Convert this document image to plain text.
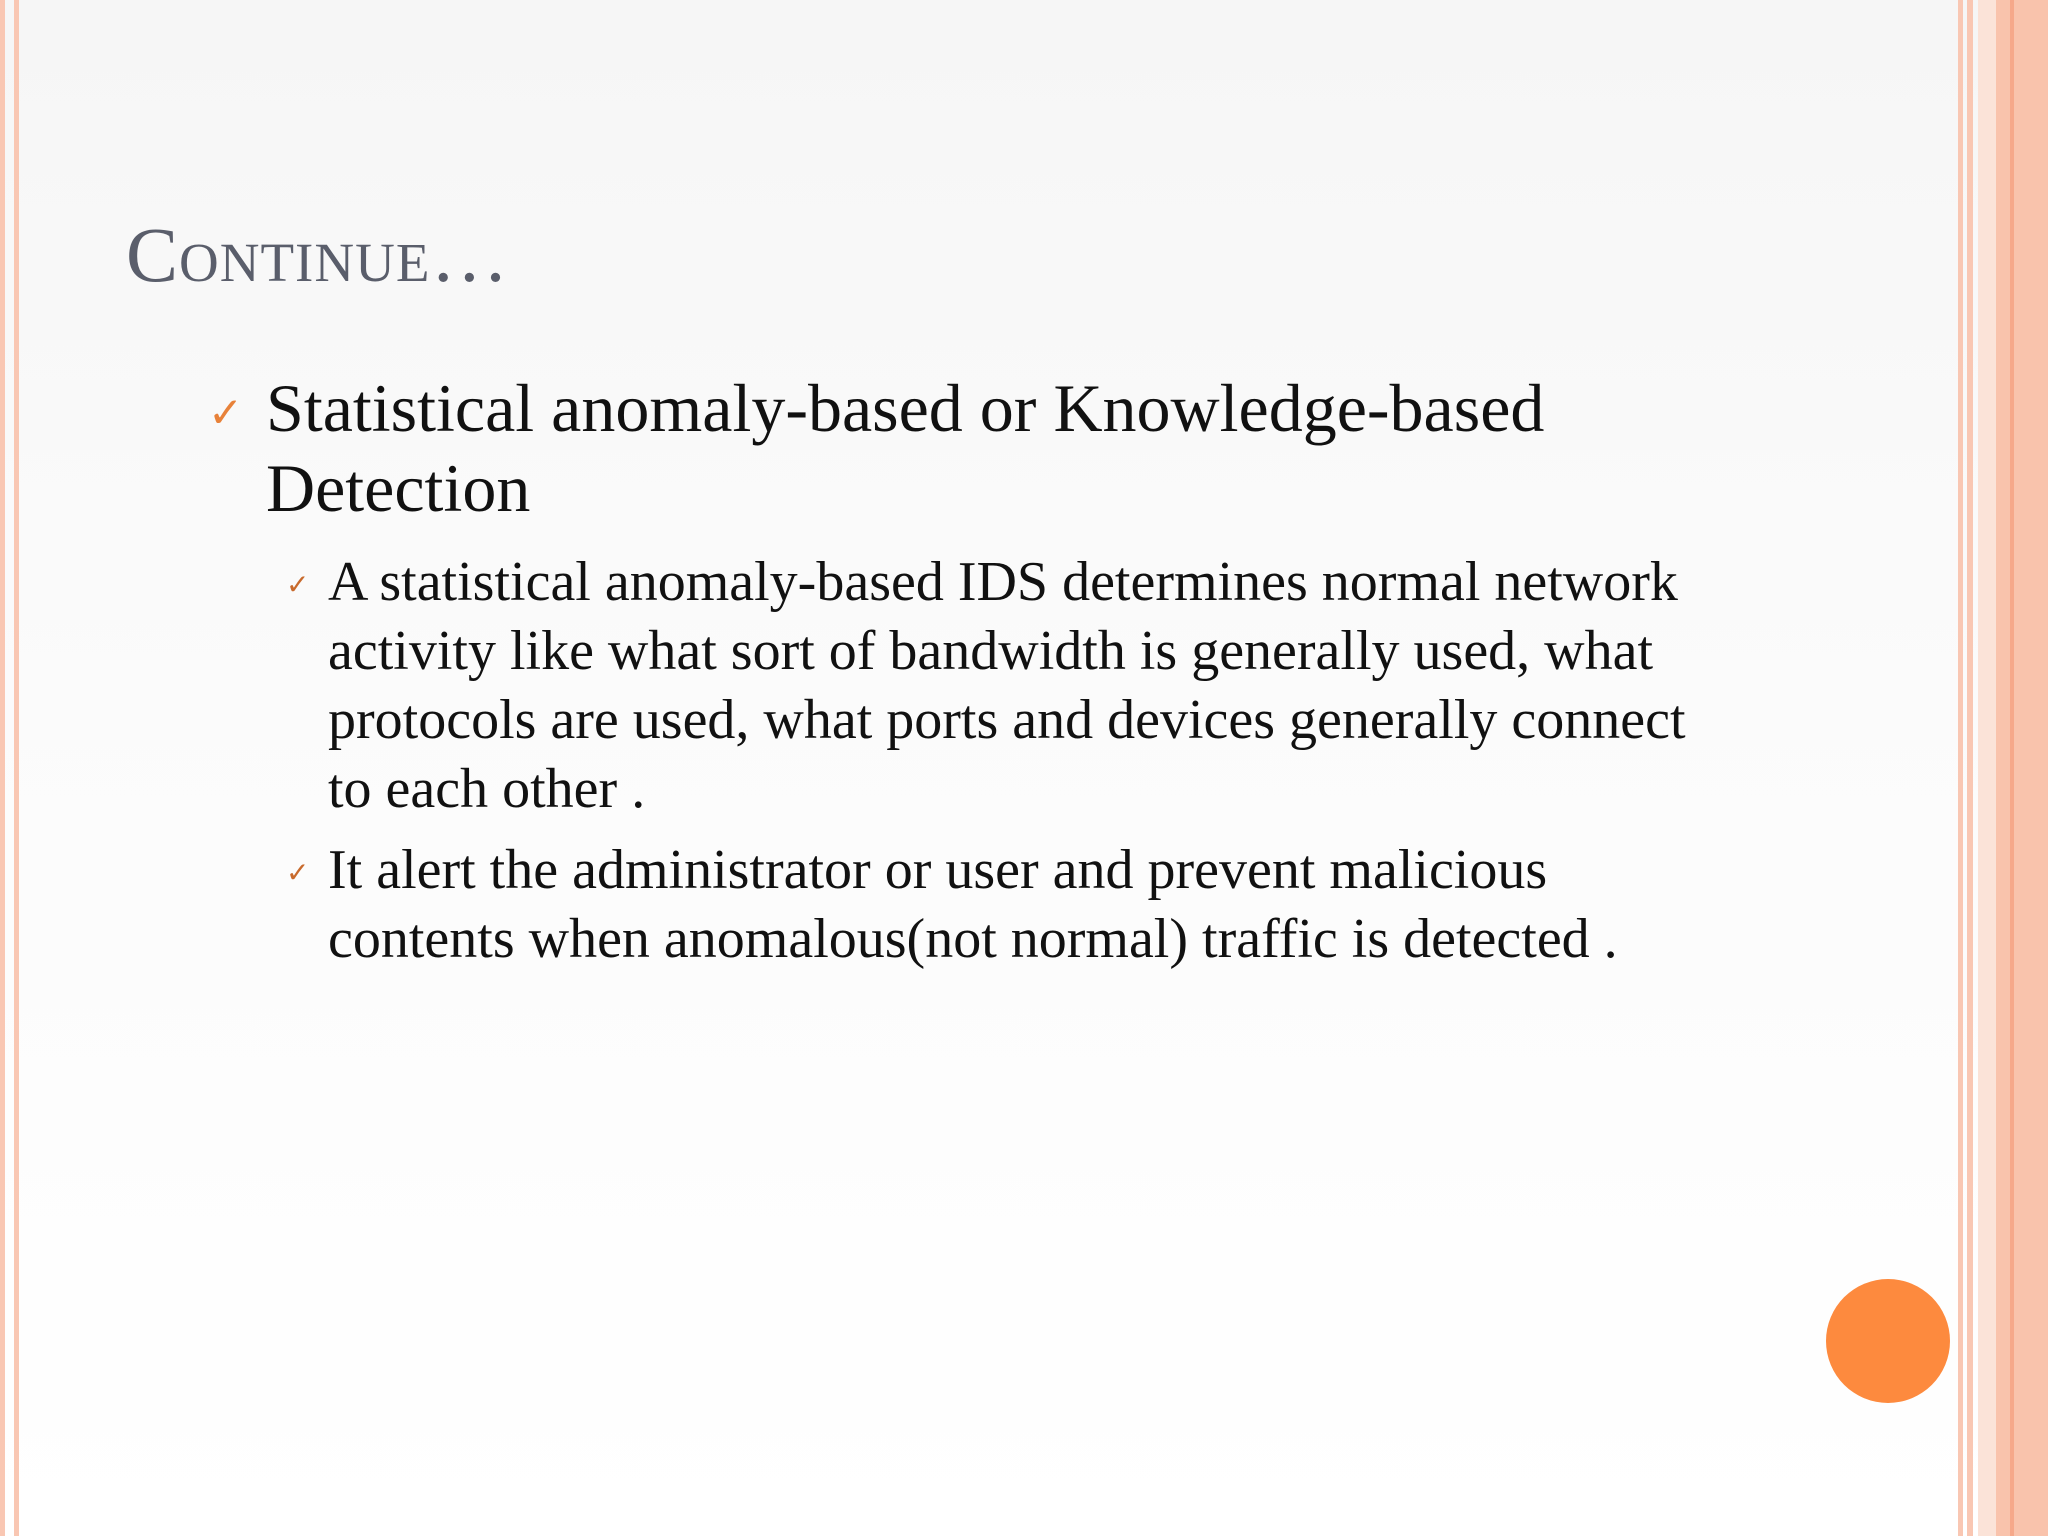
Continue…
✓ Statistical anomaly-based or Knowledge-based Detection
✓ A statistical anomaly-based IDS determines normal network activity like what sort of bandwidth is generally used, what protocols are used, what ports and devices generally connect to each other .
✓ It alert the administrator or user and prevent malicious contents when anomalous(not normal) traffic is detected .
